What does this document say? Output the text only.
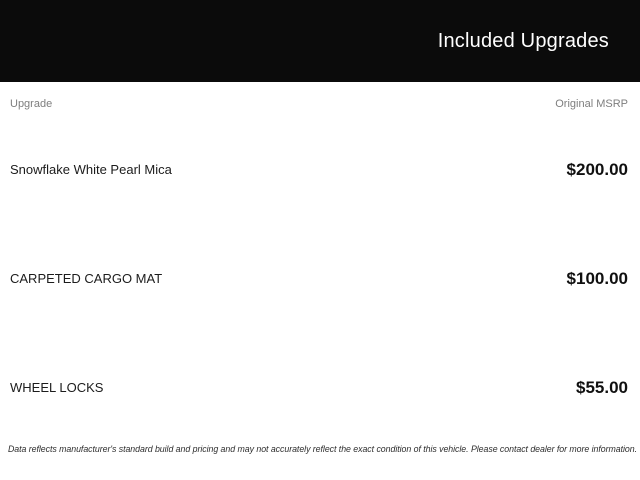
Included Upgrades
Upgrade	Original MSRP
Snowflake White Pearl Mica	$200.00
CARPETED CARGO MAT	$100.00
WHEEL LOCKS	$55.00
Data reflects manufacturer's standard build and pricing and may not accurately reflect the exact condition of this vehicle. Please contact dealer for more information.
